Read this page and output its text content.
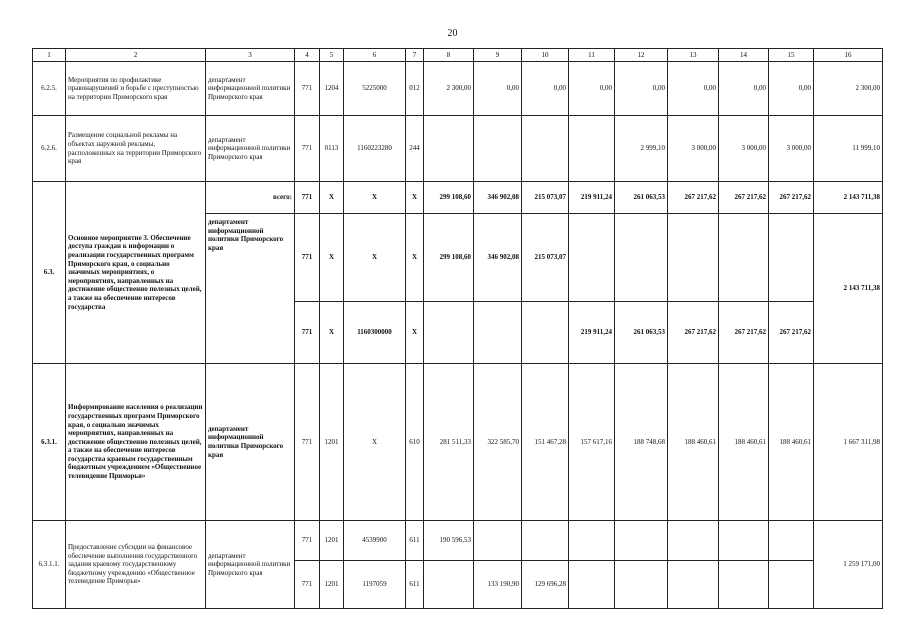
20
1	2	3	4	5	6	7	8	9	10	11	12	13	14	15	16
6.2.5.	Мероприятия по профилактике правонарушений и борьбе с преступностью на территории Приморского края	департамент информационной политики Приморского края	771	1204	5225000	012	2 300,00	0,00	0,00	0,00	0,00	0,00	0,00	0,00	2 300,00
6.2.6.	Размещение социальной рекламы на объектах наружной рекламы, расположенных на территории Приморского края	департамент информационной политики Приморского края	771	0113	1160223280	244					2 999,10	3 000,00	3 000,00	3 000,00	11 999,10
6.3.	Основное мероприятие 3. Обеспечение доступа граждан к информации о реализации государственных программ Приморского края, о социально значимых мероприятиях, о мероприятиях, направленных на достижение общественно полезных целей, а также на обеспечение интересов государства	всего:	771	X	X	X	299 108,60	346 902,08	215 073,07	219 911,24	261 063,53	267 217,62	267 217,62	267 217,62	2 143 711,38
		департамент информационной политики Приморского края	771	X	X	X	299 108,60	346 902,08	215 073,07						2 143 711,38
			771	X	1160300000	X				219 911,24	261 063,53	267 217,62	267 217,62	267 217,62	
6.3.1.	Информирование населения о реализации государственных программ Приморского края, о социально значимых мероприятиях, направленных на достижение общественно полезных целей, а также на обеспечение интересов государства краевым государственным бюджетным учреждением «Общественное телевидение Приморья»	департамент информационной политики Приморского края	771	1201	X	610	281 511,33	322 585,70	151 467,28	157 617,16	188 748,68	188 460,61	188 460,61	188 460,61	1 667 311,98
6.3.1.1.	Предоставление субсидии на финансовое обеспечение выполнения государственного задания краевому государственному бюджетному учреждению «Общественное телевидение Приморья»	департамент информационной политики Приморского края	771	1201	4539900	611	190 596,53								1 259 171,00
			771	1201	1197059	611		133 190,90	129 696,28						
